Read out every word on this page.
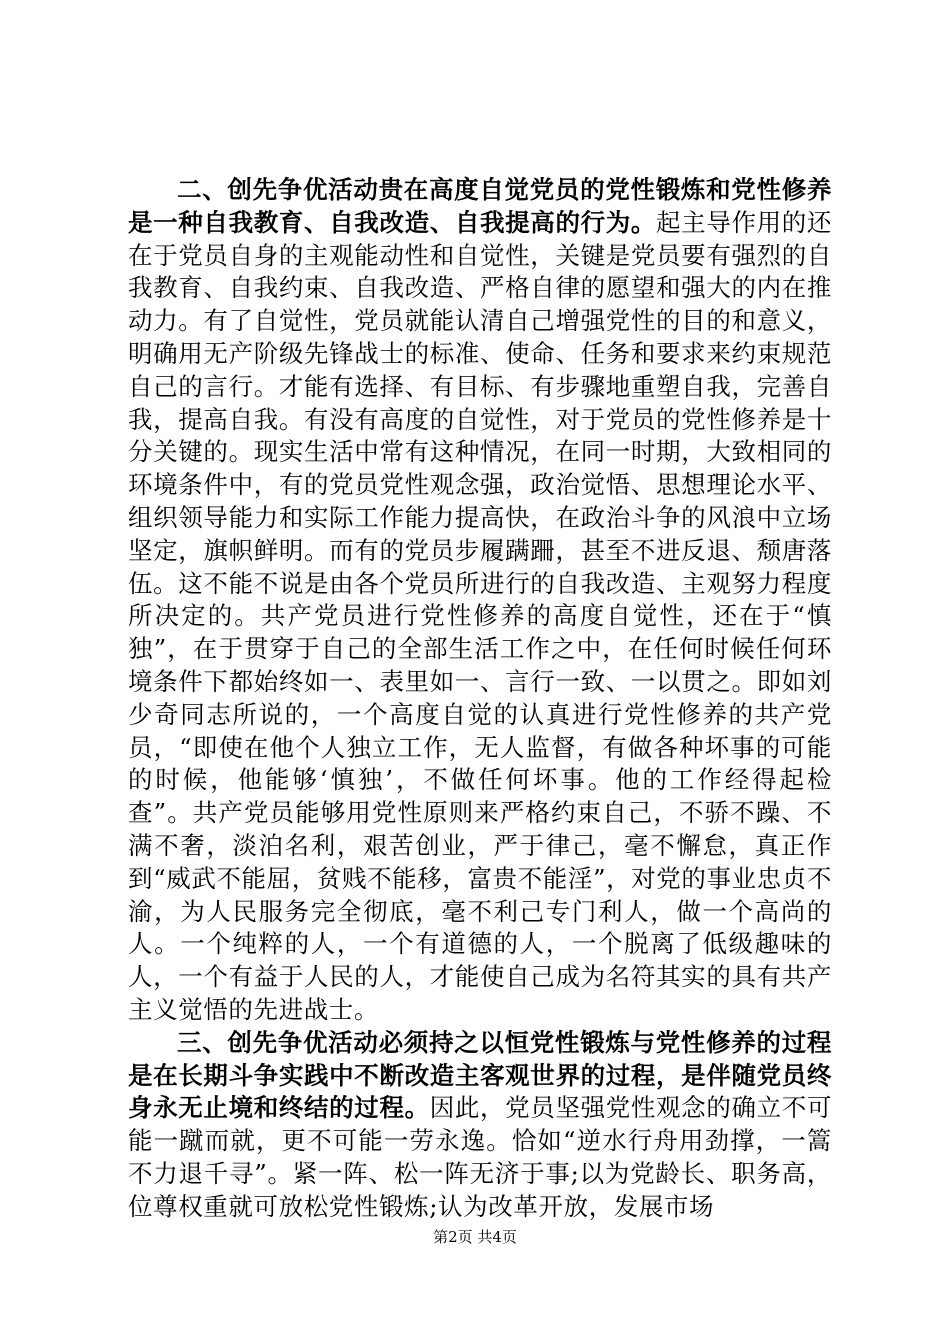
二、创先争优活动贵在高度自觉党员的党性锻炼和党性修养是一种自我教育、自我改造、自我提高的行为。起主导作用的还在于党员自身的主观能动性和自觉性，关键是党员要有强烈的自我教育、自我约束、自我改造、严格自律的愿望和强大的内在推动力。有了自觉性，党员就能认清自己增强党性的目的和意义，明确用无产阶级先锋战士的标准、使命、任务和要求来约束规范自己的言行。才能有选择、有目标、有步骤地重塑自我，完善自我，提高自我。有没有高度的自觉性，对于党员的党性修养是十分关键的。现实生活中常有这种情况，在同一时期，大致相同的环境条件中，有的党员党性观念强，政治觉悟、思想理论水平、组织领导能力和实际工作能力提高快，在政治斗争的风浪中立场坚定，旗帜鲜明。而有的党员步履蹒跚，甚至不进反退、颓唐落伍。这不能不说是由各个党员所进行的自我改造、主观努力程度所决定的。共产党员进行党性修养的高度自觉性，还在于“慎独”，在于贯穿于自己的全部生活工作之中，在任何时候任何环境条件下都始终如一、表里如一、言行一致、一以贯之。即如刘少奇同志所说的，一个高度自觉的认真进行党性修养的共产党员，“即使在他个人独立工作，无人监督，有做各种坏事的可能的时候，他能够‘慎独’，不做任何坏事。他的工作经得起检查”。共产党员能够用党性原则来严格约束自己，不骄不躁、不满不奢，淡泊名利，艰苦创业，严于律己，毫不懈怠，真正作到“威武不能屈，贫贱不能移，富贵不能淫”，对党的事业忠贞不渝，为人民服务完全彻底，毫不利己专门利人，做一个高尚的人。一个纯粹的人，一个有道德的人，一个脱离了低级趣味的人，一个有益于人民的人，才能使自己成为名符其实的具有共产主义觉悟的先进战士。

三、创先争优活动必须持之以恒党性锻炼与党性修养的过程是在长期斗争实践中不断改造主客观世界的过程，是伴随党员终身永无止境和终结的过程。因此，党员坚强党性观念的确立不可能一蹴而就，更不可能一劳永逸。恰如“逆水行舟用劲撑，一篙不力退千寻”。紧一阵、松一阵无济于事;以为党龄长、职务高，位尊权重就可放松党性锻炼;认为改革开放，发展市场

第2页 共4页
